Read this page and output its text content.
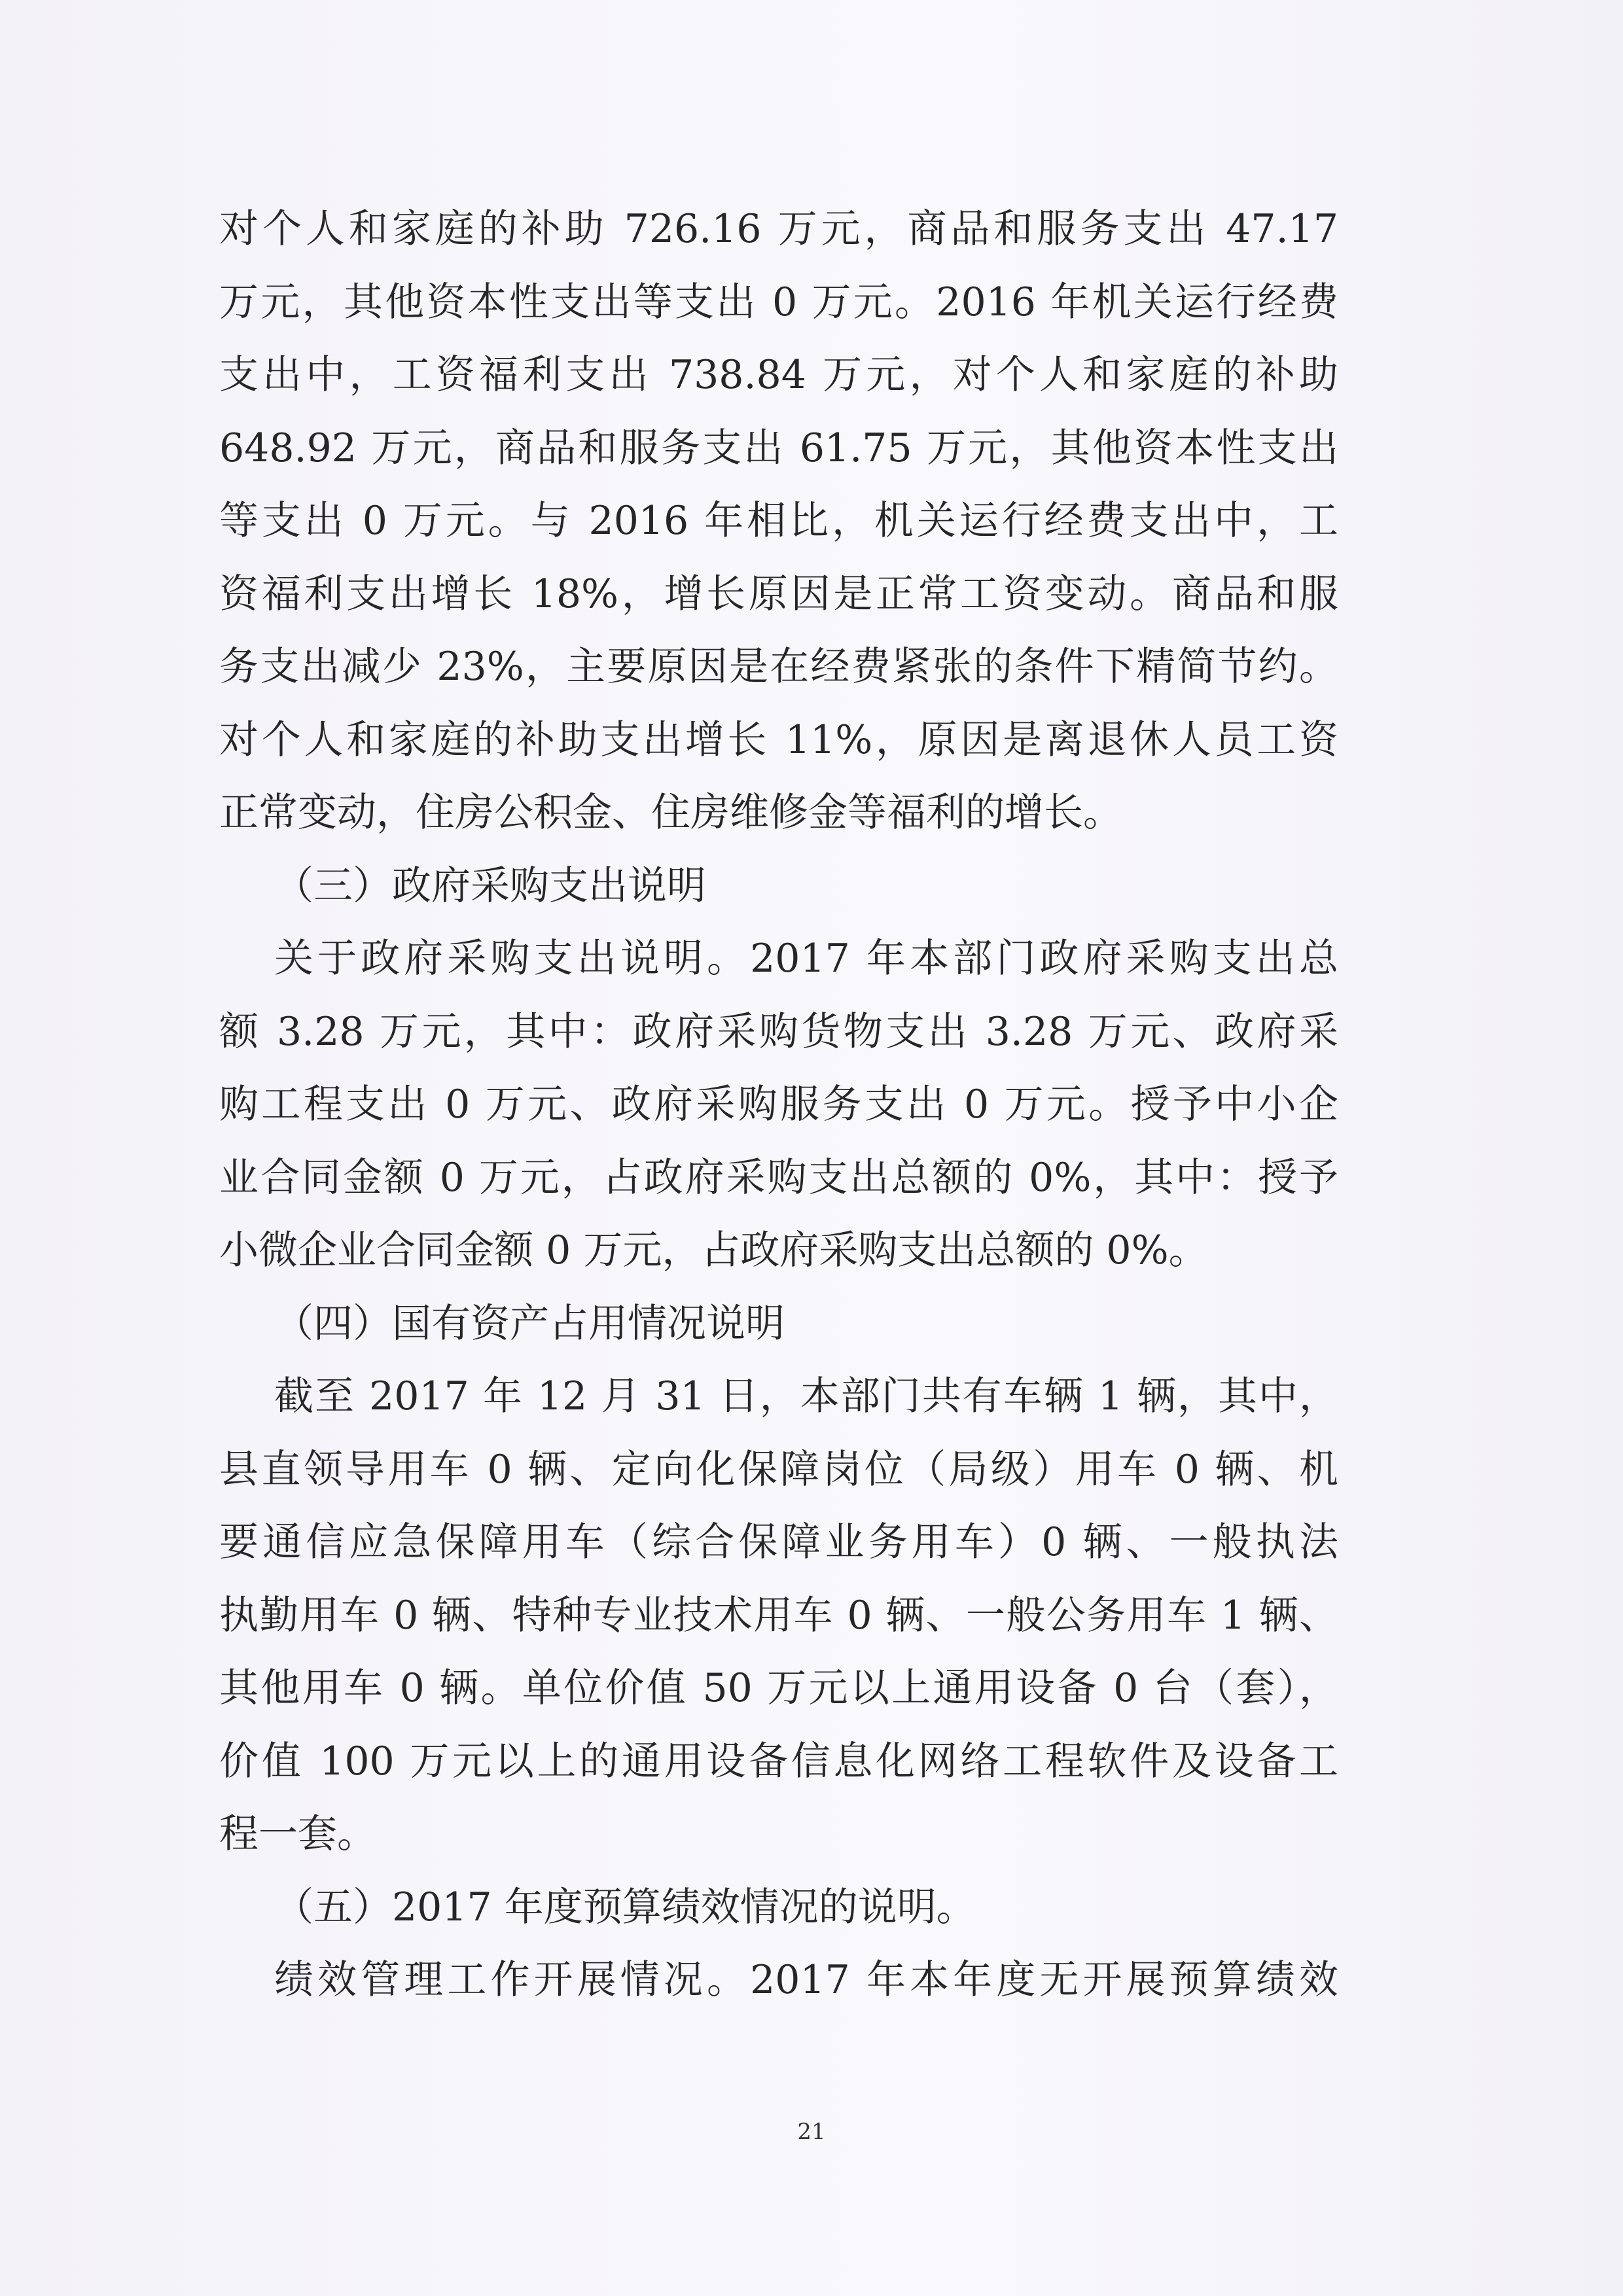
对个人和家庭的补助 726.16 万元，商品和服务支出 47.17
万元，其他资本性支出等支出 0 万元。2016 年机关运行经费
支出中，工资福利支出 738.84 万元，对个人和家庭的补助
648.92 万元，商品和服务支出 61.75 万元，其他资本性支出
等支出 0 万元。与 2016 年相比，机关运行经费支出中，工
资福利支出增长 18%，增长原因是正常工资变动。商品和服
务支出减少 23%，主要原因是在经费紧张的条件下精简节约。
对个人和家庭的补助支出增长 11%，原因是离退休人员工资
正常变动，住房公积金、住房维修金等福利的增长。
（三）政府采购支出说明
关于政府采购支出说明。2017 年本部门政府采购支出总
额 3.28 万元，其中：政府采购货物支出 3.28 万元、政府采
购工程支出 0 万元、政府采购服务支出 0 万元。授予中小企
业合同金额 0 万元，占政府采购支出总额的 0%，其中：授予
小微企业合同金额 0 万元，占政府采购支出总额的 0%。
（四）国有资产占用情况说明
截至 2017 年 12 月 31 日，本部门共有车辆 1 辆，其中，
县直领导用车 0 辆、定向化保障岗位（局级）用车 0 辆、机
要通信应急保障用车（综合保障业务用车）0 辆、一般执法
执勤用车 0 辆、特种专业技术用车 0 辆、一般公务用车 1 辆、
其他用车 0 辆。单位价值 50 万元以上通用设备 0 台（套），
价值 100 万元以上的通用设备信息化网络工程软件及设备工
程一套。
（五）2017 年度预算绩效情况的说明。
绩效管理工作开展情况。2017 年本年度无开展预算绩效
21
